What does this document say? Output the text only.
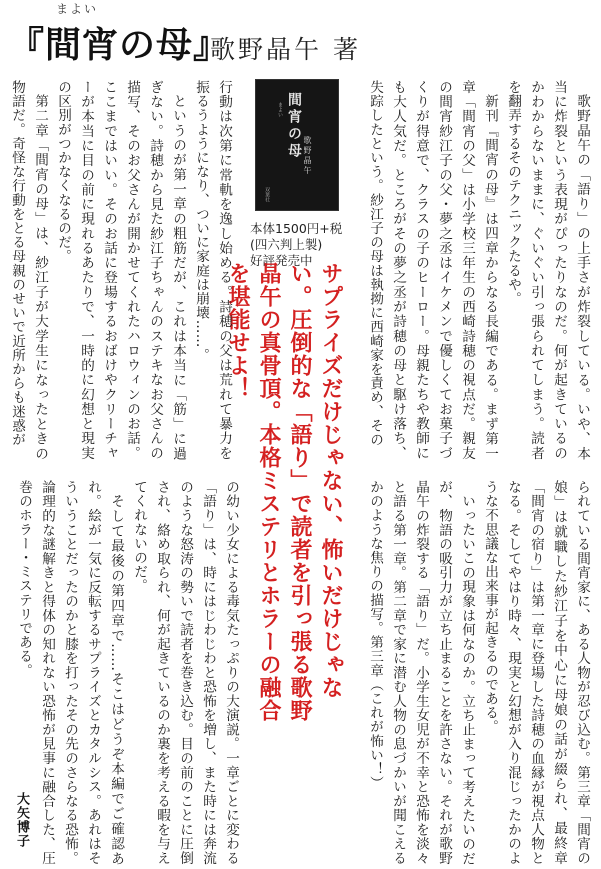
『間宵の母』
まよい
歌野晶午 著

歌野晶午の「語り」の上手さが炸裂している。いや、本当に炸裂という表現がぴったりなのだ。何が起きているのかわからないままに、ぐいぐい引っ張られてしまう。読者を翻弄するそのテクニックたるや。

新刊『間宵の母』は四章からなる長編である。まず第一章「間宵の父」は小学校三年生の西崎詩穂の視点だ。親友の間宵紗江子の父・夢之丞はイケメンで優しくてお菓子づくりが得意で、クラスの子のヒーロー。母親たちや教師にも大人気だ。ところがその夢之丞が詩穂の母と駆け落ち、失踪したという。紗江子の母は執拗に西崎家を責め、その

まよい 間宵の母 歌野晶午
双葉社
本体1500円+税
(四六判上製)
好評発売中
サプライズだけじゃない、怖いだけじゃない。圧倒的な「語り」で読者を引っ張る歌野晶午の真骨頂。本格ミステリとホラーの融合を堪能せよ！

行動は次第に常軌を逸し始める。詩穂の父は荒れて暴力を振るうようになり、ついに家庭は崩壊……。

というのが第一章の粗筋だが、これは本当に「筋」に過ぎない。詩穂から見た紗江子ちゃんのステキなお父さんの描写、そのお父さんが開かせてくれたハロウィンのお話。ここまではいい。そのお話に登場するおばけやクリーチャーが本当に目の前に現れるあたりで、一時的に幻想と現実の区別がつかなくなるのだ。

第二章「間宵の母」は、紗江子が大学生になったときの物語だ。奇怪な行動をとる母親のせいで近所からも迷惑が

られている間宵家に、ある人物が忍び込む。第三章「間宵の娘」は就職した紗江子を中心に母娘の話が綴られ、最終章「間宵の宿り」は第一章に登場した詩穂の血縁が視点人物となる。そしてやはり時々、現実と幻想が入り混じったかのような不思議な出来事が起きるのである。

いったいこの現象は何なのか。立ち止まって考えたいのだが、物語の吸引力が立ち止まることを許さない。それが歌野晶午の炸裂する「語り」だ。小学生女児が不幸と恐怖を淡々と語る第一章。第二章で家に潜む人物の息づかいが聞こえるかのような焦りの描写。第三章（これが怖い！）

の幼い少女による毒気たっぷりの大演説。一章ごとに変わる「語り」は、時にはじわじわと恐怖を増し、また時には奔流のような怒涛の勢いで読者を巻き込む。目の前のことに圧倒され、絡め取られ、何が起きているのか裏を考える暇を与えてくれないのだ。

そして最後の第四章で……そこはどうぞ本編でご確認あれ。絵が一気に反転するサプライズとカタルシス。あれはそういうことだったのかと膝を打ったその先のさらなる恐怖。論理的な謎解きと得体の知れない恐怖が見事に融合した、圧巻のホラー・ミステリである。

大矢博子
